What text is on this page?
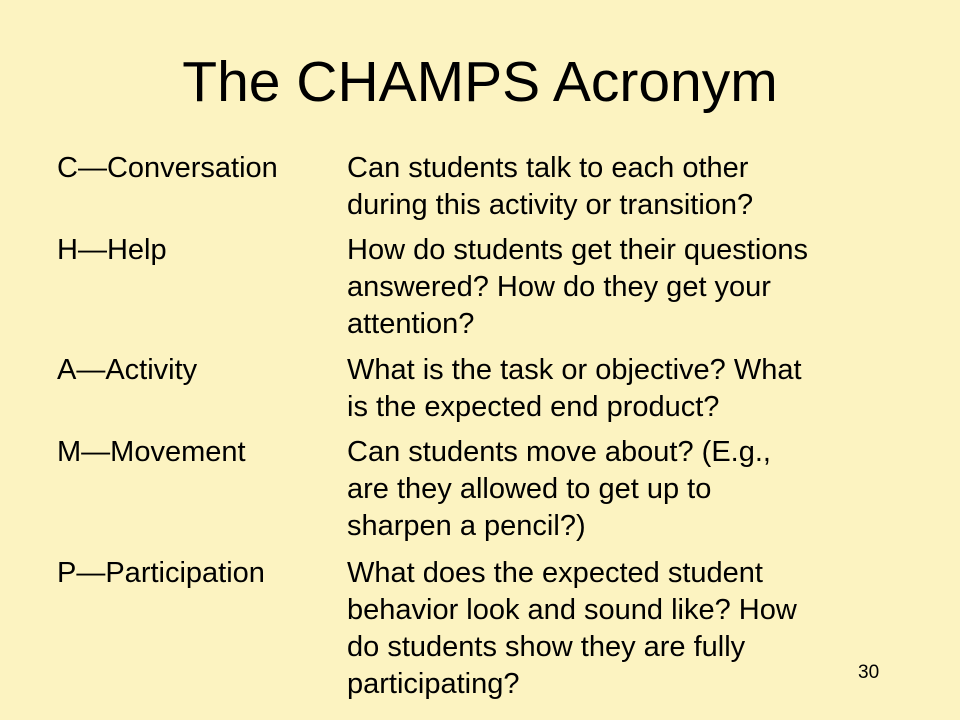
The CHAMPS Acronym
C—Conversation Can students talk to each other
during this activity or transition?
H—Help	How do students get their questions
answered? How do they get your
attention?
A—Activity	What is the task or objective? What
is the expected end product?
M—Movement	Can students move about? (E.g.,
are they allowed to get up to
sharpen a pencil?)
P—Participation	What does the expected student
behavior look and sound like? How
do students show they are fully
participating?	30
